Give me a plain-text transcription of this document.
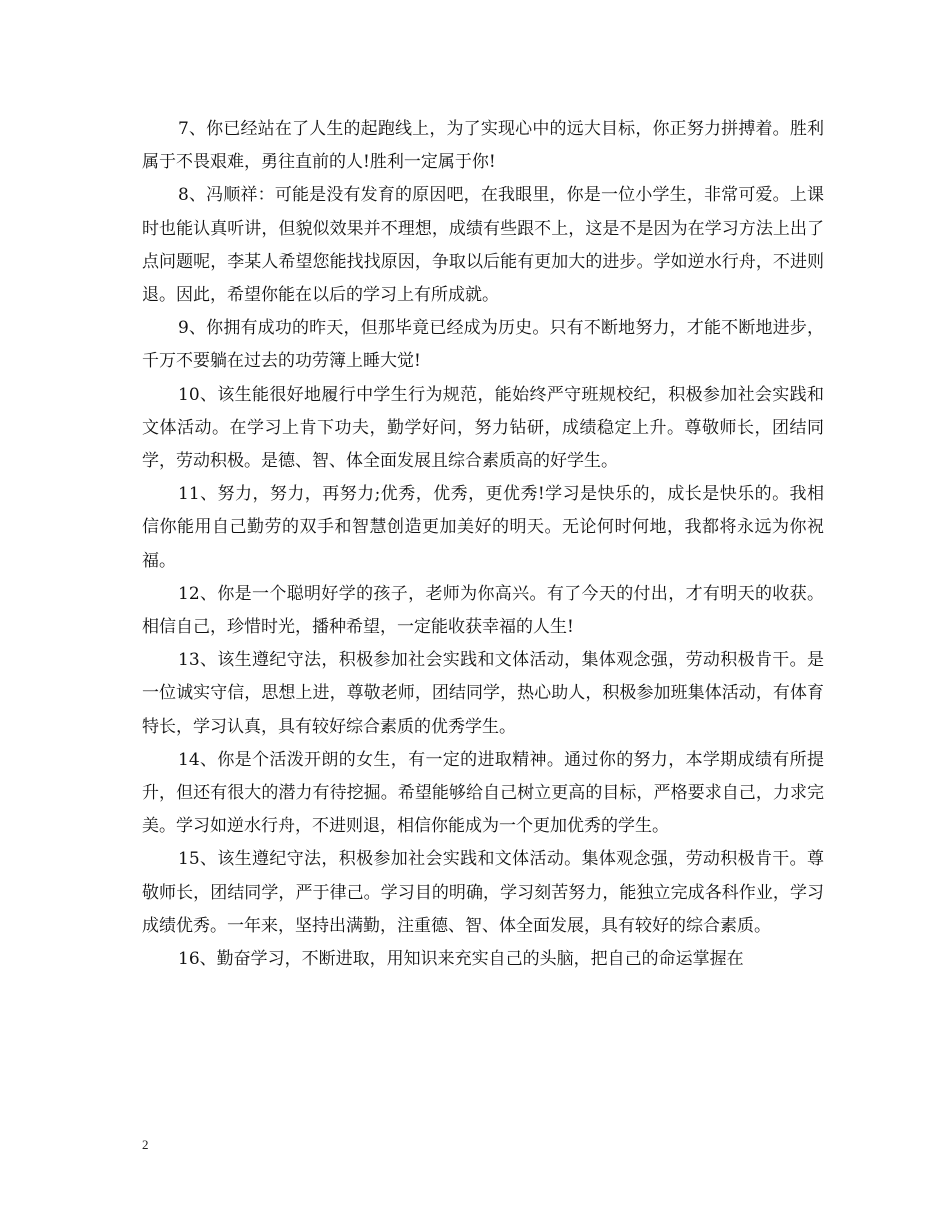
7、你已经站在了人生的起跑线上，为了实现心中的远大目标，你正努力拼搏着。胜利属于不畏艰难，勇往直前的人!胜利一定属于你!

8、冯顺祥：可能是没有发育的原因吧，在我眼里，你是一位小学生，非常可爱。上课时也能认真听讲，但貌似效果并不理想，成绩有些跟不上，这是不是因为在学习方法上出了点问题呢，李某人希望您能找找原因，争取以后能有更加大的进步。学如逆水行舟，不进则退。因此，希望你能在以后的学习上有所成就。

9、你拥有成功的昨天，但那毕竟已经成为历史。只有不断地努力，才能不断地进步，千万不要躺在过去的功劳簿上睡大觉!

10、该生能很好地履行中学生行为规范，能始终严守班规校纪，积极参加社会实践和文体活动。在学习上肯下功夫，勤学好问，努力钻研，成绩稳定上升。尊敬师长，团结同学，劳动积极。是德、智、体全面发展且综合素质高的好学生。

11、努力，努力，再努力;优秀，优秀，更优秀!学习是快乐的，成长是快乐的。我相信你能用自己勤劳的双手和智慧创造更加美好的明天。无论何时何地，我都将永远为你祝福。

12、你是一个聪明好学的孩子，老师为你高兴。有了今天的付出，才有明天的收获。相信自己，珍惜时光，播种希望，一定能收获幸福的人生!

13、该生遵纪守法，积极参加社会实践和文体活动，集体观念强，劳动积极肯干。是一位诚实守信，思想上进，尊敬老师，团结同学，热心助人，积极参加班集体活动，有体育特长，学习认真，具有较好综合素质的优秀学生。

14、你是个活泼开朗的女生，有一定的进取精神。通过你的努力，本学期成绩有所提升，但还有很大的潜力有待挖掘。希望能够给自己树立更高的目标，严格要求自己，力求完美。学习如逆水行舟，不进则退，相信你能成为一个更加优秀的学生。

15、该生遵纪守法，积极参加社会实践和文体活动。集体观念强，劳动积极肯干。尊敬师长，团结同学，严于律己。学习目的明确，学习刻苦努力，能独立完成各科作业，学习成绩优秀。一年来，坚持出满勤，注重德、智、体全面发展，具有较好的综合素质。

16、勤奋学习，不断进取，用知识来充实自己的头脑，把自己的命运掌握在

2
